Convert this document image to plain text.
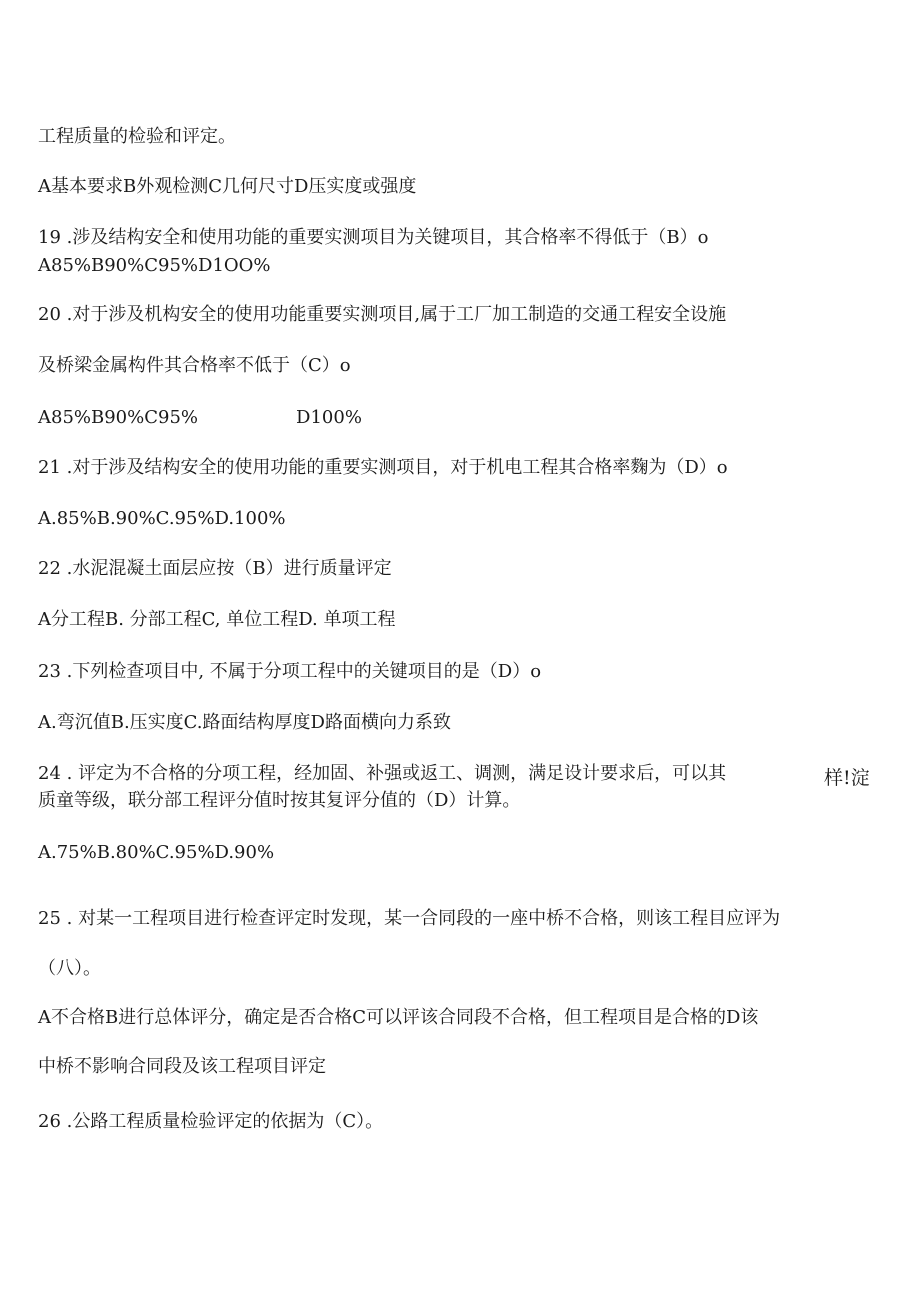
工程质量的检验和评定。

A基本要求B外观检测C几何尺寸D压实度或强度

19 .涉及结构安全和使用功能的重要实测项目为关键项目，其合格率不得低于（B）o

A85%B90%C95%D1OO%

20 .对于涉及机构安全的使用功能重要实测项目,属于工厂加工制造的交通工程安全设施

及桥梁金属构件其合格率不低于（C）o

A85%B90%C95%	D100%

21 .对于涉及结构安全的使用功能的重要实测项目，对于机电工程其合格率麴为（D）o

A.85%B.90%C.95%D.100%

22 .水泥混凝土面层应按（B）进行质量评定

A分工程B. 分部工程C, 单位工程D. 单项工程

23 .下列检查项目中, 不属于分项工程中的关键项目的是（D）o

A.弯沉值B.压实度C.路面结构厚度D路面横向力系致

24 . 评定为不合格的分项工程，经加固、补强或返工、调测，满足设计要求后，可以其

质童等级，联分部工程评分值时按其复评分值的（D）计算。

A.75%B.80%C.95%D.90%

25 . 对某一工程项目进行检查评定时发现，某一合同段的一座中桥不合格，则该工程目应评为

（八）。

A不合格B进行总体评分，确定是否合格C可以评该合同段不合格，但工程项目是合格的D该

中桥不影响合同段及该工程项目评定

26 .公路工程质量检验评定的依据为（C）。

样!淀
